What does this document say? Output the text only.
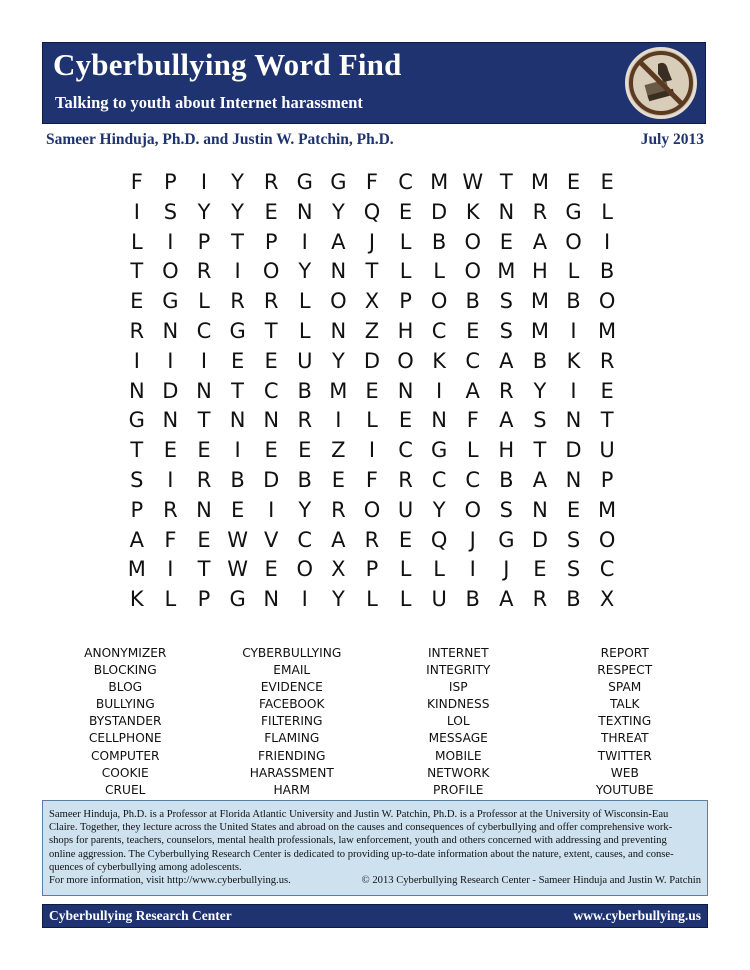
Cyberbullying Word Find
Talking to youth about Internet harassment
Sameer Hinduja, Ph.D. and Justin W. Patchin, Ph.D.	July 2013
F	P	I	Y R G G F C M W T M E E
I	S Y Y E N Y Q E D K N R G L
L	I	P T P	I	A	J	L B O E A O	I
T O R	I	O Y N T	L	L O M H L B
E G L R R L O X P O B S M B O
R N C G T	L N Z H C E S M	I	M
I	I	I	E E U Y D O K C A B K R
N D N T C B M E N	I	A R Y	I	E
G N T N N R	I	L	E N F A S N T
T E E	I	E E Z	I	C G L H T D U
S	I	R B D B E F R C C B A N P
P R N E	I	Y R O U Y O S N E M
A F E W V C A R E Q	J	G D S O
M	I	T W E O X P	L	L	I	J	E S C
K L	P G N	I	Y	L	L U B A R B X
ANONYMIZER
BLOCKING
BLOG
BULLYING
BYSTANDER
CELLPHONE
COMPUTER
COOKIE
CRUEL
CYBERBULLYING
EMAIL
EVIDENCE
FACEBOOK
FILTERING
FLAMING
FRIENDING
HARASSMENT
HARM
INTERNET
INTEGRITY
ISP
KINDNESS
LOL
MESSAGE
MOBILE
NETWORK
PROFILE
REPORT
RESPECT
SPAM
TALK
TEXTING
THREAT
TWITTER
WEB
YOUTUBE
Sameer Hinduja, Ph.D. is a Professor at Florida Atlantic University and Justin W. Patchin, Ph.D. is a Professor at the University of Wisconsin-Eau
Claire. Together, they lecture across the United States and abroad on the causes and consequences of cyberbullying and offer comprehensive work-
shops for parents, teachers, counselors, mental health professionals, law enforcement, youth and others concerned with addressing and preventing
online aggression. The Cyberbullying Research Center is dedicated to providing up-to-date information about the nature, extent, causes, and conse-
quences of cyberbullying among adolescents.
For more information, visit http://www.cyberbullying.us.	© 2013 Cyberbullying Research Center - Sameer Hinduja and Justin W. Patchin
Cyberbullying Research Center	www.cyberbullying.us
